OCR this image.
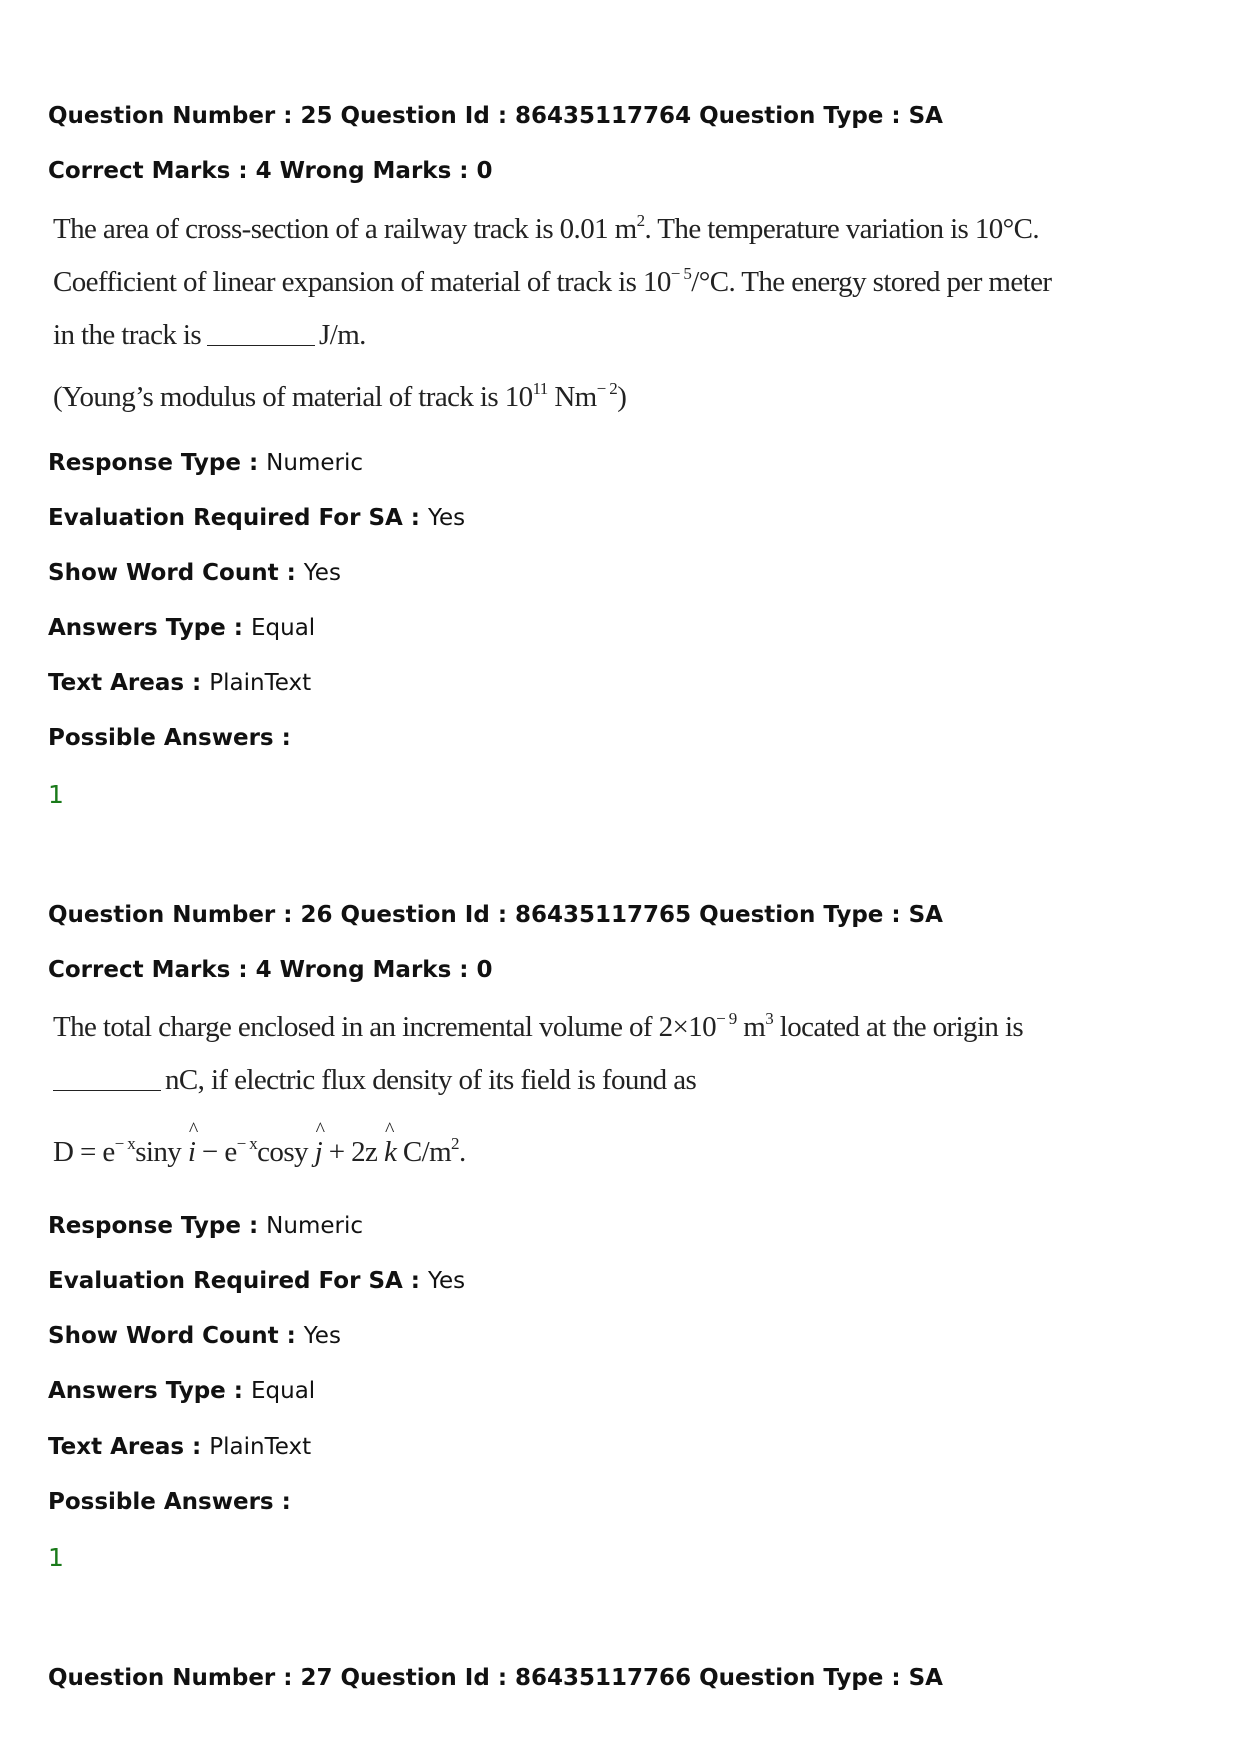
Question Number : 25 Question Id : 86435117764 Question Type : SA
Correct Marks : 4 Wrong Marks : 0
The area of cross-section of a railway track is 0.01 $m^2$. The temperature variation is 10°C.
Coefficient of linear expansion of material of track is $10^{- 5}/^\circ C$. The energy stored per meter
in the track is	J/m.
(Young’s modulus of material of track is $10^{11}$ $Nm^{- 2}$)
Response Type : Numeric
Evaluation Required For SA : Yes
Show Word Count : Yes
Answers Type : Equal
Text Areas : PlainText
Possible Answers :
1
Question Number : 26 Question Id : 86435117765 Question Type : SA
Correct Marks : 4 Wrong Marks : 0
The total charge enclosed in an incremental volume of $2\times 10^{- 9}$ $m^3$ located at the origin is
nC, if electric flux density of its field is found as
$D = e^{- x}\sin y$
^
$i - e^{- x}\cos y$
^
j + 2z
^
k $C/m^2$.
Response Type : Numeric
Evaluation Required For SA : Yes
Show Word Count : Yes
Answers Type : Equal
Text Areas : PlainText
Possible Answers :
1
Question Number : 27 Question Id : 86435117766 Question Type : SA
